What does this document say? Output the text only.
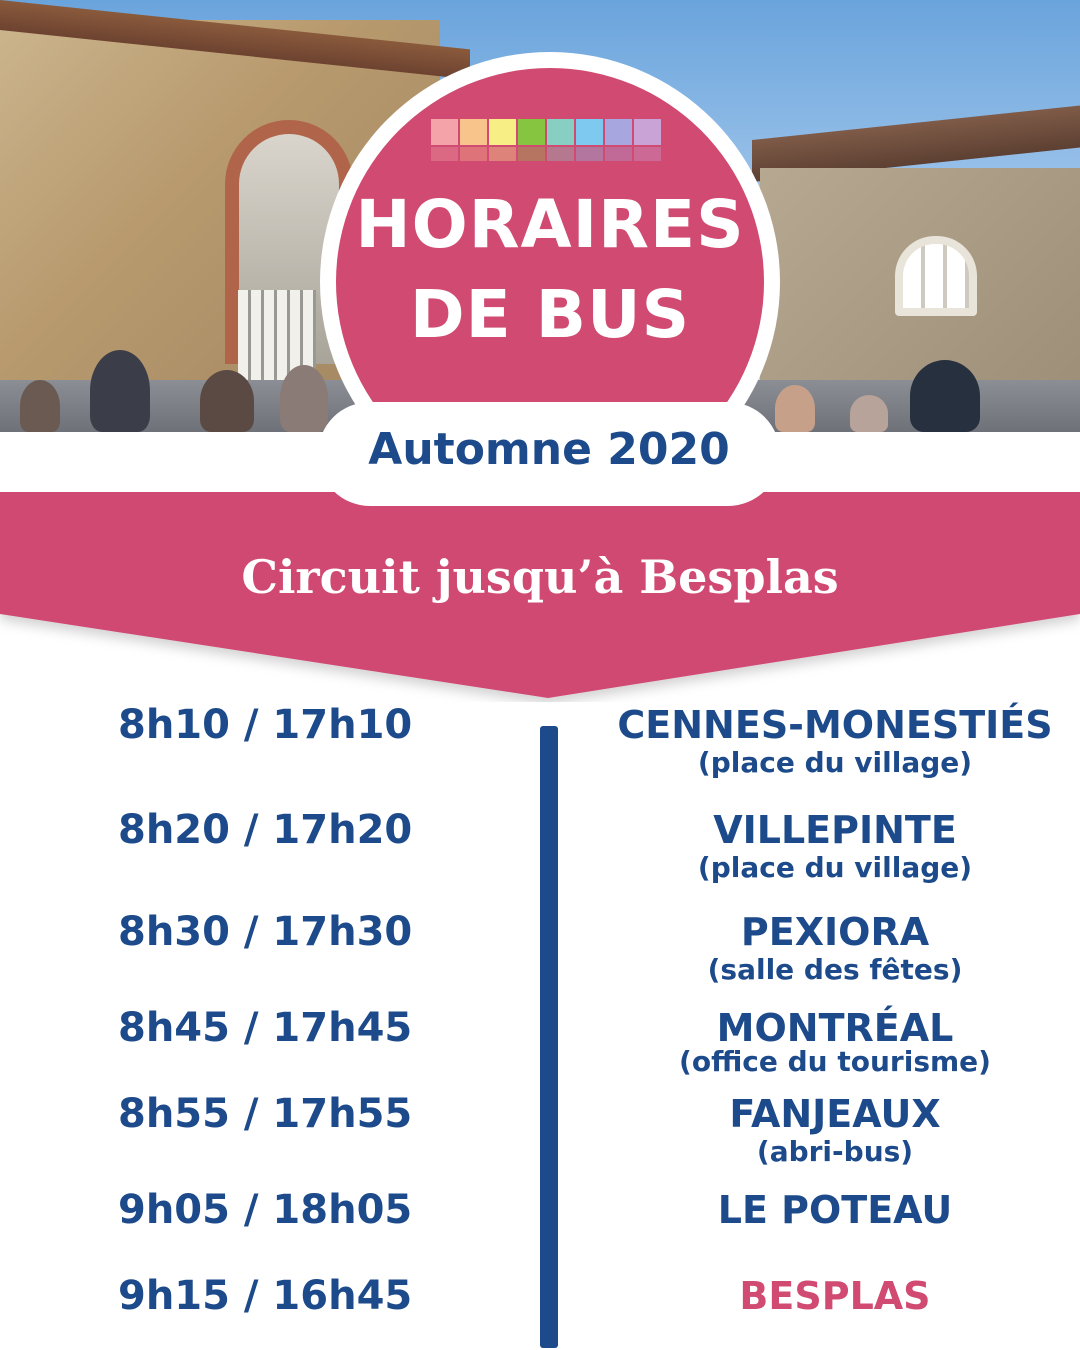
HORAIRES
DE BUS
Automne 2020
Circuit jusqu’à Besplas
8h10 / 17h10	CENNES-MONESTIÉS
(place du village)
8h20 / 17h20	VILLEPINTE
(place du village)
8h30 / 17h30	PEXIORA
(salle des fêtes)
8h45 / 17h45	MONTRÉAL
(office du tourisme)
8h55 / 17h55	FANJEAUX
(abri-bus)
9h05 / 18h05	LE POTEAU
9h15 / 16h45	BESPLAS
